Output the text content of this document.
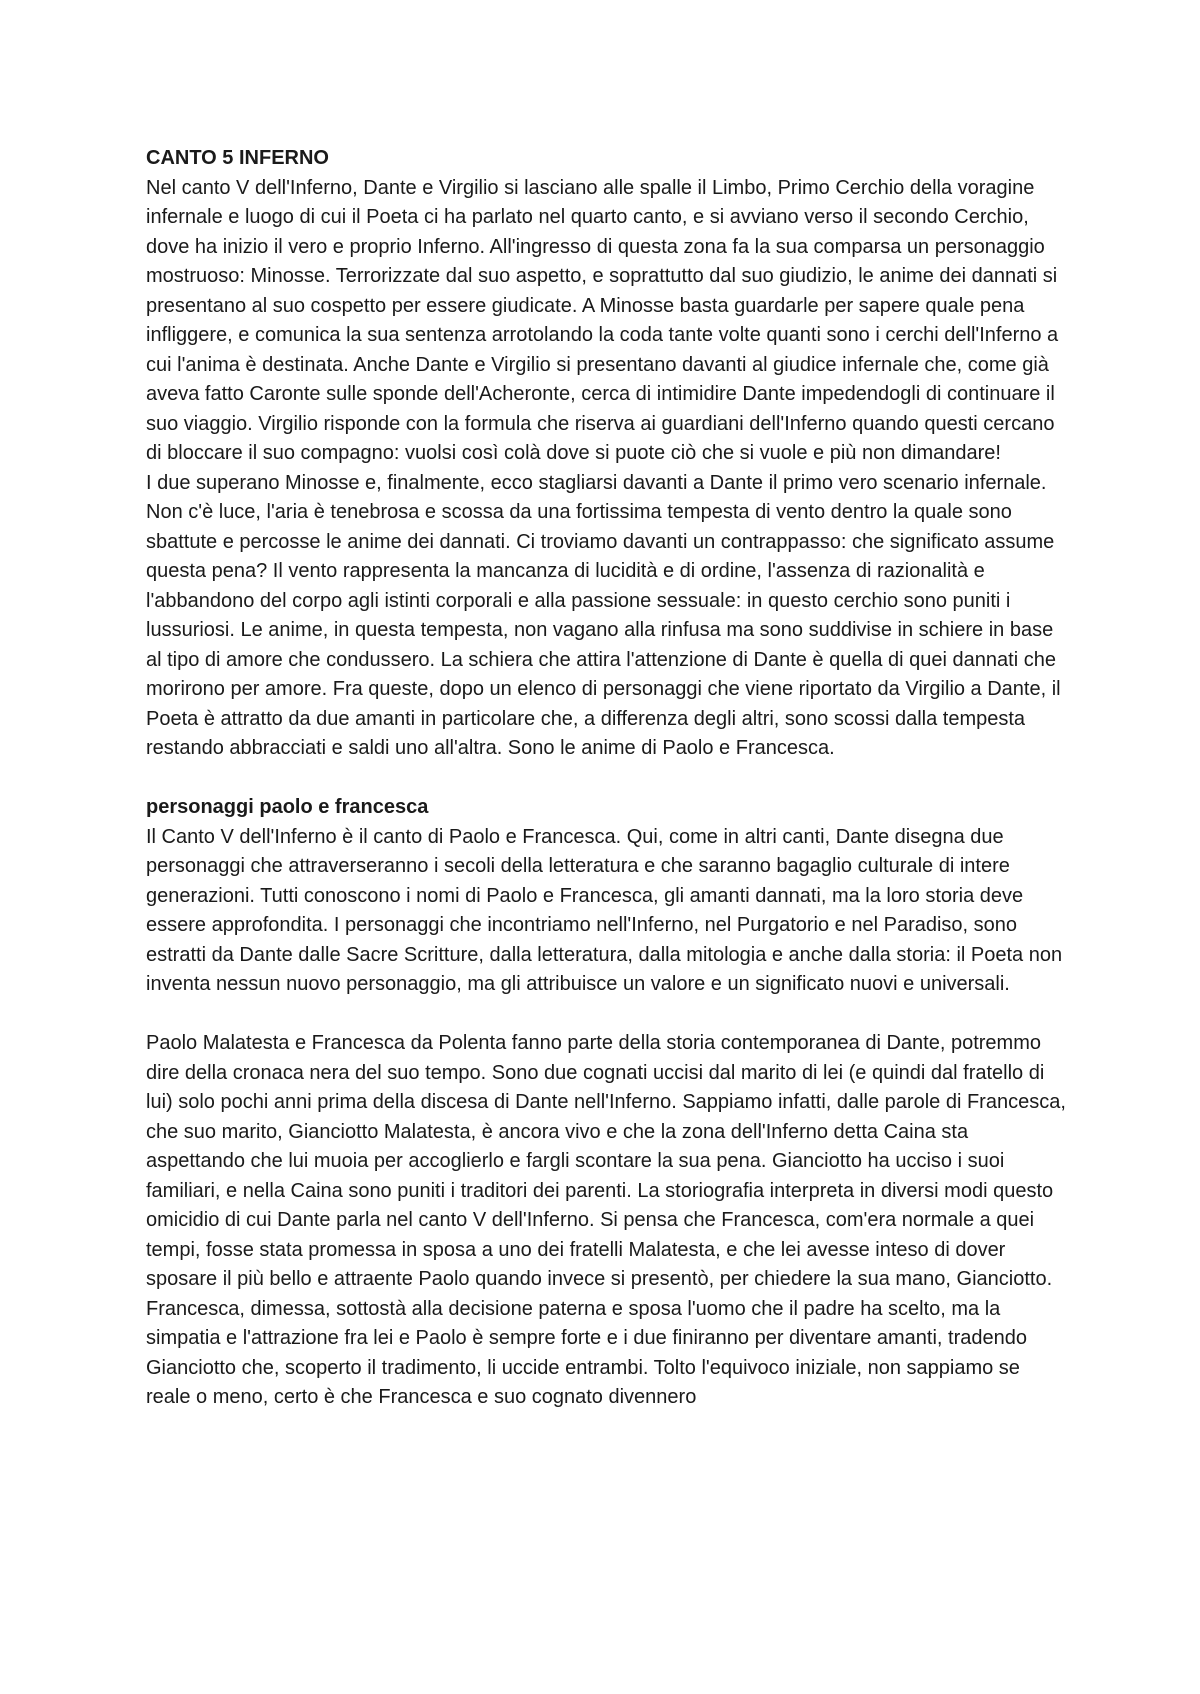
CANTO 5 INFERNO

Nel canto V dell'Inferno, Dante e Virgilio si lasciano alle spalle il Limbo, Primo Cerchio della voragine infernale e luogo di cui il Poeta ci ha parlato nel quarto canto, e si avviano verso il secondo Cerchio, dove ha inizio il vero e proprio Inferno. All'ingresso di questa zona fa la sua comparsa un personaggio mostruoso: Minosse. Terrorizzate dal suo aspetto, e soprattutto dal suo giudizio, le anime dei dannati si presentano al suo cospetto per essere giudicate. A Minosse basta guardarle per sapere quale pena infliggere, e comunica la sua sentenza arrotolando la coda tante volte quanti sono i cerchi dell'Inferno a cui l'anima è destinata. Anche Dante e Virgilio si presentano davanti al giudice infernale che, come già aveva fatto Caronte sulle sponde dell'Acheronte, cerca di intimidire Dante impedendogli di continuare il suo viaggio. Virgilio risponde con la formula che riserva ai guardiani dell'Inferno quando questi cercano di bloccare il suo compagno: vuolsi così colà dove si puote ciò che si vuole e più non dimandare!

I due superano Minosse e, finalmente, ecco stagliarsi davanti a Dante il primo vero scenario infernale. Non c'è luce, l'aria è tenebrosa e scossa da una fortissima tempesta di vento dentro la quale sono sbattute e percosse le anime dei dannati. Ci troviamo davanti un contrappasso: che significato assume questa pena? Il vento rappresenta la mancanza di lucidità e di ordine, l'assenza di razionalità e l'abbandono del corpo agli istinti corporali e alla passione sessuale: in questo cerchio sono puniti i lussuriosi. Le anime, in questa tempesta, non vagano alla rinfusa ma sono suddivise in schiere in base al tipo di amore che condussero. La schiera che attira l'attenzione di Dante è quella di quei dannati che morirono per amore. Fra queste, dopo un elenco di personaggi che viene riportato da Virgilio a Dante, il Poeta è attratto da due amanti in particolare che, a differenza degli altri, sono scossi dalla tempesta restando abbracciati e saldi uno all'altra. Sono le anime di Paolo e Francesca.

personaggi paolo e francesca

Il Canto V dell'Inferno è il canto di Paolo e Francesca. Qui, come in altri canti, Dante disegna due personaggi che attraverseranno i secoli della letteratura e che saranno bagaglio culturale di intere generazioni. Tutti conoscono i nomi di Paolo e Francesca, gli amanti dannati, ma la loro storia deve essere approfondita. I personaggi che incontriamo nell'Inferno, nel Purgatorio e nel Paradiso, sono estratti da Dante dalle Sacre Scritture, dalla letteratura, dalla mitologia e anche dalla storia: il Poeta non inventa nessun nuovo personaggio, ma gli attribuisce un valore e un significato nuovi e universali.

Paolo Malatesta e Francesca da Polenta fanno parte della storia contemporanea di Dante, potremmo dire della cronaca nera del suo tempo. Sono due cognati uccisi dal marito di lei (e quindi dal fratello di lui) solo pochi anni prima della discesa di Dante nell'Inferno. Sappiamo infatti, dalle parole di Francesca, che suo marito, Gianciotto Malatesta, è ancora vivo e che la zona dell'Inferno detta Caina sta aspettando che lui muoia per accoglierlo e fargli scontare la sua pena. Gianciotto ha ucciso i suoi familiari, e nella Caina sono puniti i traditori dei parenti. La storiografia interpreta in diversi modi questo omicidio di cui Dante parla nel canto V dell'Inferno. Si pensa che Francesca, com'era normale a quei tempi, fosse stata promessa in sposa a uno dei fratelli Malatesta, e che lei avesse inteso di dover sposare il più bello e attraente Paolo quando invece si presentò, per chiedere la sua mano, Gianciotto. Francesca, dimessa, sottostà alla decisione paterna e sposa l'uomo che il padre ha scelto, ma la simpatia e l'attrazione fra lei e Paolo è sempre forte e i due finiranno per diventare amanti, tradendo Gianciotto che, scoperto il tradimento, li uccide entrambi. Tolto l'equivoco iniziale, non sappiamo se reale o meno, certo è che Francesca e suo cognato divennero
